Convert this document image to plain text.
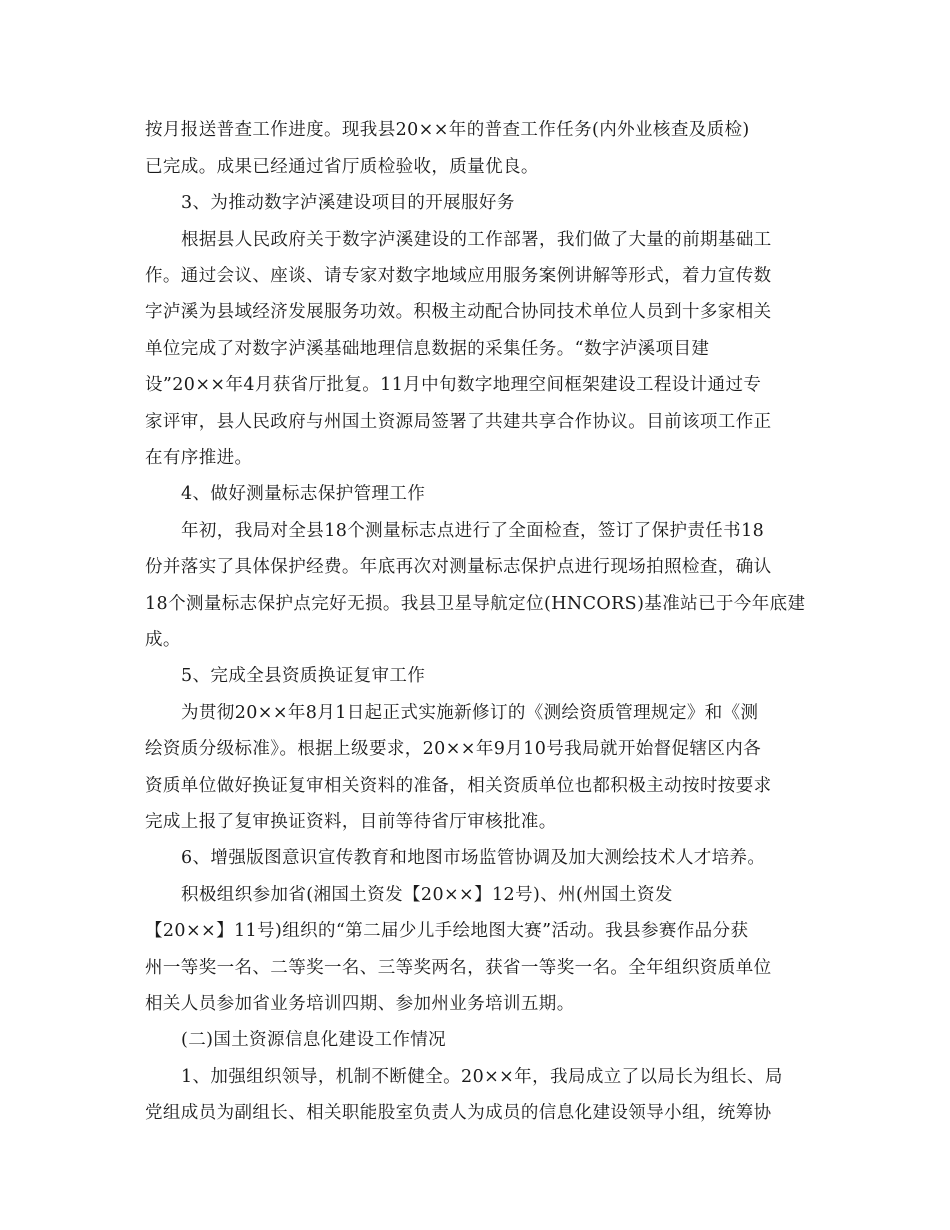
按月报送普查工作进度。现我县20××年的普查工作任务(内外业核查及质检)
已完成。成果已经通过省厅质检验收，质量优良。
3、为推动数字泸溪建设项目的开展服好务
根据县人民政府关于数字泸溪建设的工作部署，我们做了大量的前期基础工
作。通过会议、座谈、请专家对数字地域应用服务案例讲解等形式，着力宣传数
字泸溪为县域经济发展服务功效。积极主动配合协同技术单位人员到十多家相关
单位完成了对数字泸溪基础地理信息数据的采集任务。“数字泸溪项目建
设”20××年4月获省厅批复。11月中旬数字地理空间框架建设工程设计通过专
家评审，县人民政府与州国土资源局签署了共建共享合作协议。目前该项工作正
在有序推进。
4、做好测量标志保护管理工作
年初，我局对全县18个测量标志点进行了全面检查，签订了保护责任书18
份并落实了具体保护经费。年底再次对测量标志保护点进行现场拍照检查，确认
18个测量标志保护点完好无损。我县卫星导航定位(HNCORS)基准站已于今年底建
成。
5、完成全县资质换证复审工作
为贯彻20××年8月1日起正式实施新修订的《测绘资质管理规定》和《测
绘资质分级标准》。根据上级要求，20××年9月10号我局就开始督促辖区内各
资质单位做好换证复审相关资料的准备，相关资质单位也都积极主动按时按要求
完成上报了复审换证资料，目前等待省厅审核批准。
6、增强版图意识宣传教育和地图市场监管协调及加大测绘技术人才培养。
积极组织参加省(湘国土资发【20××】12号)、州(州国土资发
【20××】11号)组织的“第二届少儿手绘地图大赛”活动。我县参赛作品分获
州一等奖一名、二等奖一名、三等奖两名，获省一等奖一名。全年组织资质单位
相关人员参加省业务培训四期、参加州业务培训五期。
(二)国土资源信息化建设工作情况
1、加强组织领导，机制不断健全。20××年，我局成立了以局长为组长、局
党组成员为副组长、相关职能股室负责人为成员的信息化建设领导小组，统筹协
